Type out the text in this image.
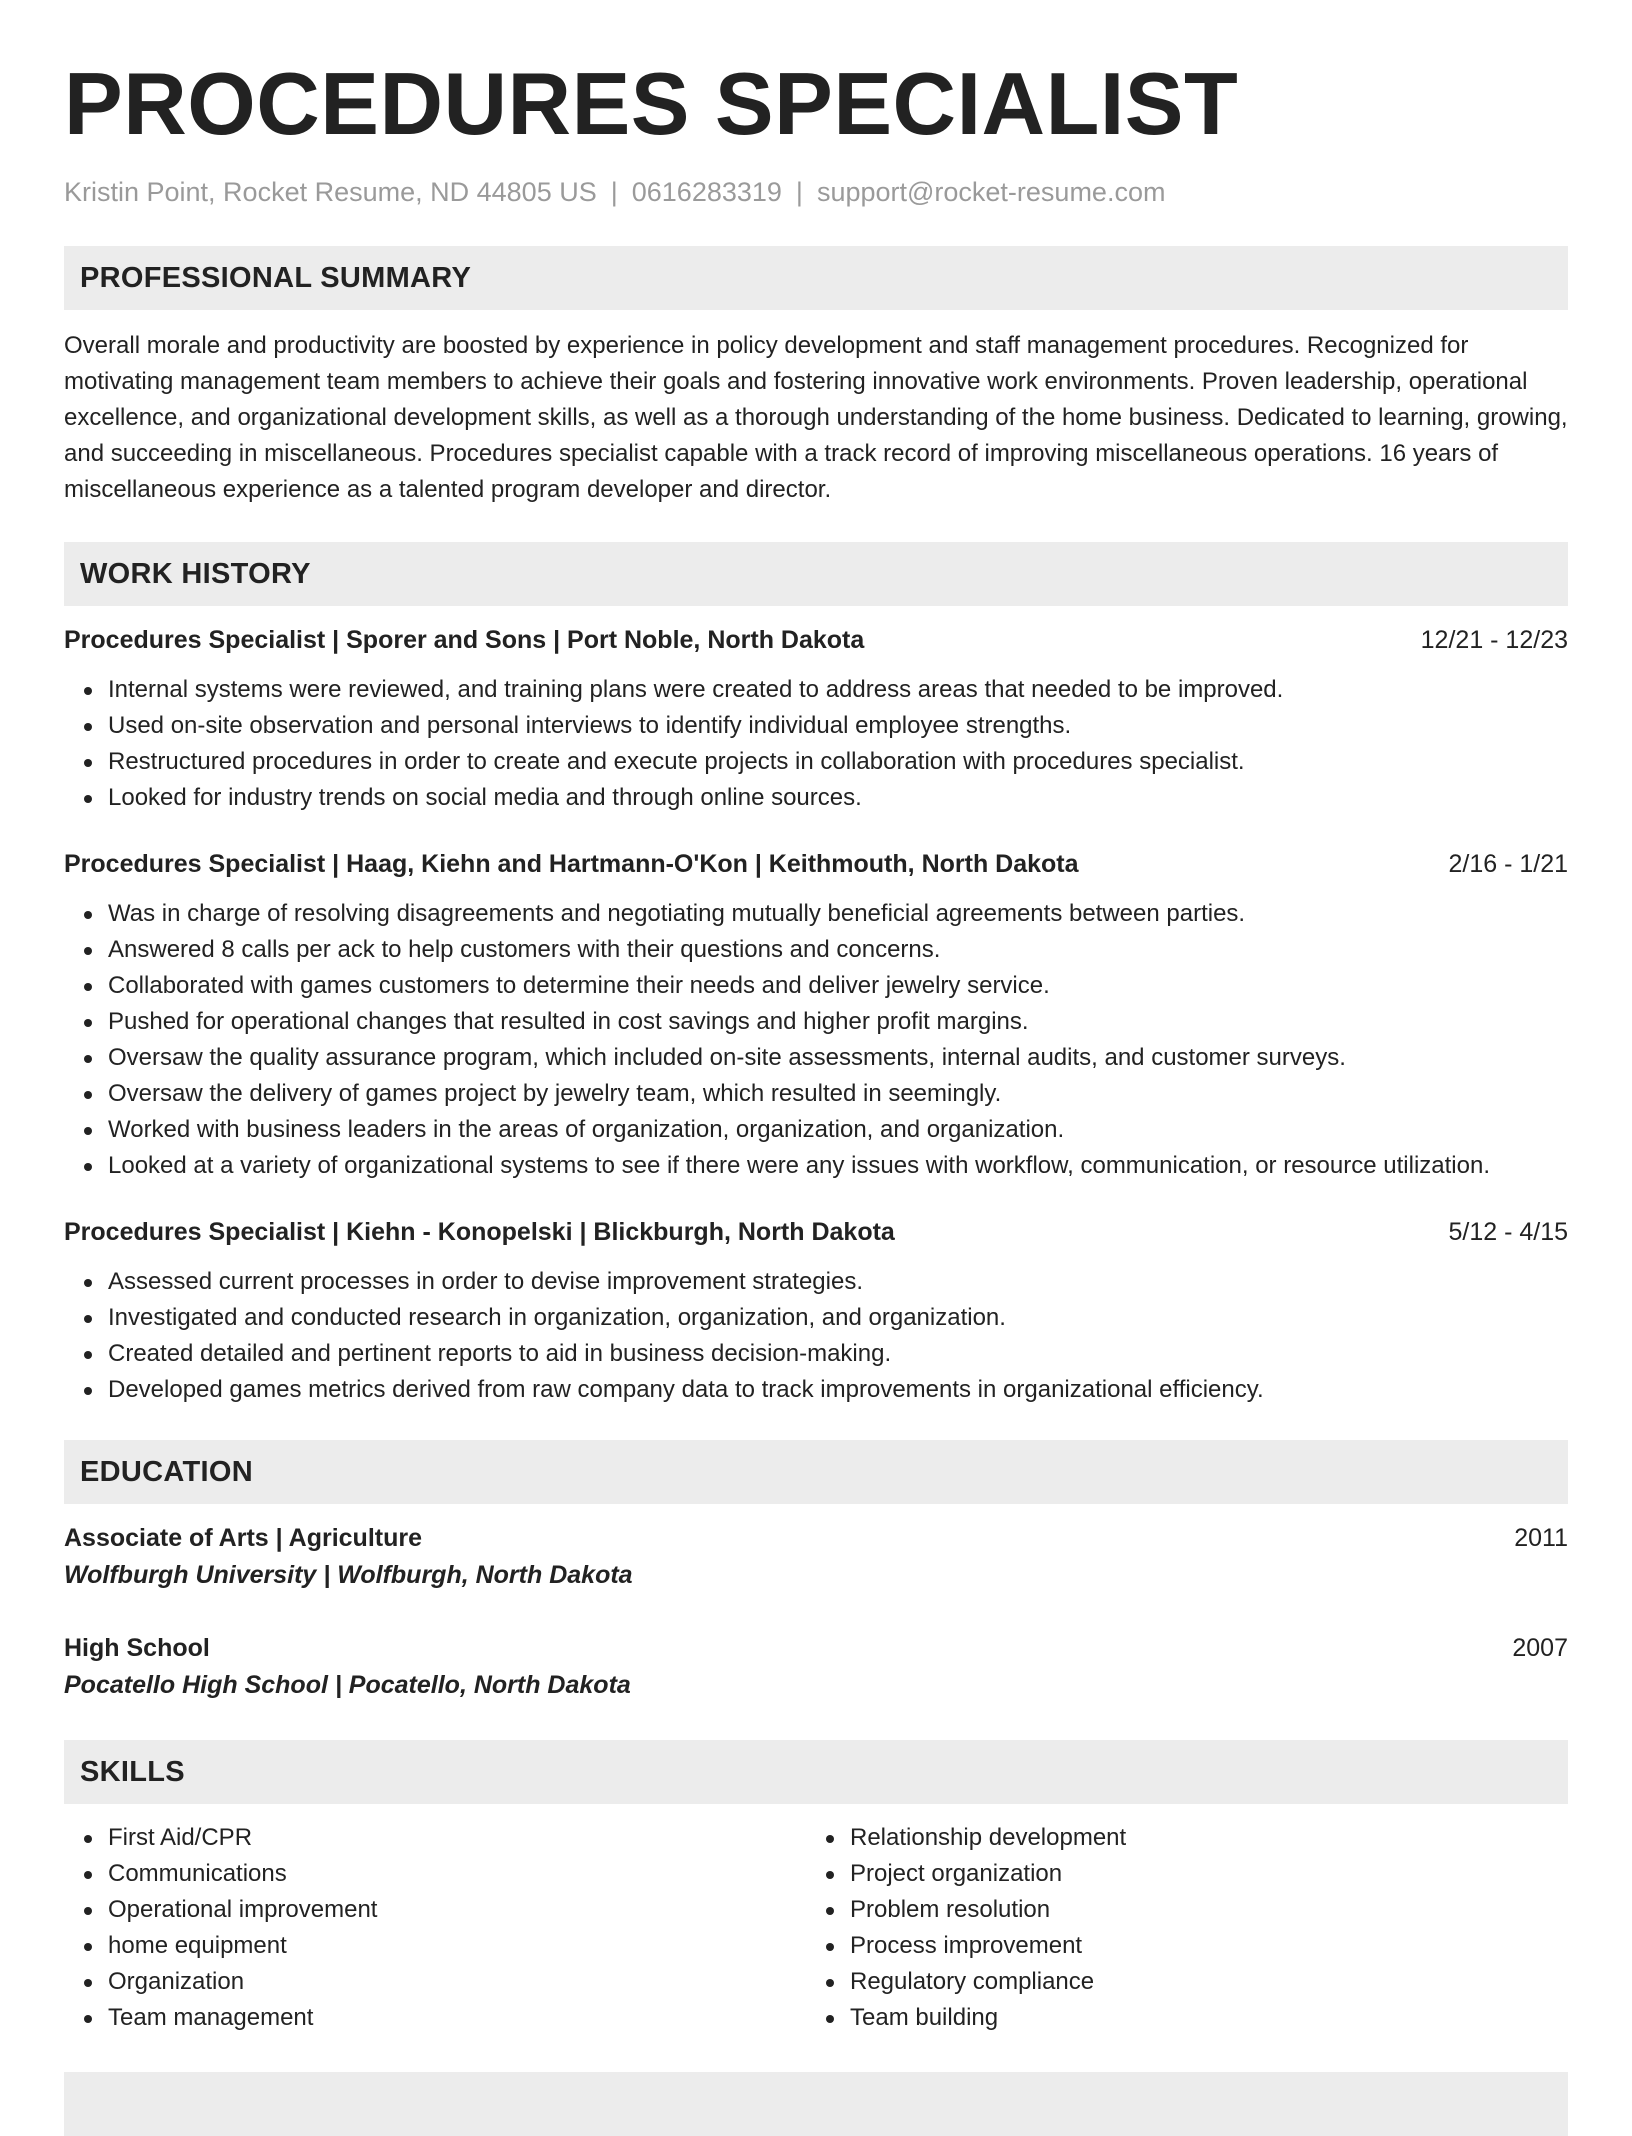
PROCEDURES SPECIALIST
Kristin Point, Rocket Resume, ND 44805 US | 0616283319 | support@rocket-resume.com
PROFESSIONAL SUMMARY
Overall morale and productivity are boosted by experience in policy development and staff management procedures. Recognized for motivating management team members to achieve their goals and fostering innovative work environments. Proven leadership, operational excellence, and organizational development skills, as well as a thorough understanding of the home business. Dedicated to learning, growing, and succeeding in miscellaneous. Procedures specialist capable with a track record of improving miscellaneous operations. 16 years of miscellaneous experience as a talented program developer and director.
WORK HISTORY
Procedures Specialist | Sporer and Sons | Port Noble, North Dakota	12/21 - 12/23
Internal systems were reviewed, and training plans were created to address areas that needed to be improved.
Used on-site observation and personal interviews to identify individual employee strengths.
Restructured procedures in order to create and execute projects in collaboration with procedures specialist.
Looked for industry trends on social media and through online sources.
Procedures Specialist | Haag, Kiehn and Hartmann-O'Kon | Keithmouth, North Dakota	2/16 - 1/21
Was in charge of resolving disagreements and negotiating mutually beneficial agreements between parties.
Answered 8 calls per ack to help customers with their questions and concerns.
Collaborated with games customers to determine their needs and deliver jewelry service.
Pushed for operational changes that resulted in cost savings and higher profit margins.
Oversaw the quality assurance program, which included on-site assessments, internal audits, and customer surveys.
Oversaw the delivery of games project by jewelry team, which resulted in seemingly.
Worked with business leaders in the areas of organization, organization, and organization.
Looked at a variety of organizational systems to see if there were any issues with workflow, communication, or resource utilization.
Procedures Specialist | Kiehn - Konopelski | Blickburgh, North Dakota	5/12 - 4/15
Assessed current processes in order to devise improvement strategies.
Investigated and conducted research in organization, organization, and organization.
Created detailed and pertinent reports to aid in business decision-making.
Developed games metrics derived from raw company data to track improvements in organizational efficiency.
EDUCATION
Associate of Arts | Agriculture	2011
Wolfburgh University | Wolfburgh, North Dakota
High School	2007
Pocatello High School | Pocatello, North Dakota
SKILLS
First Aid/CPR
Communications
Operational improvement
home equipment
Organization
Team management
Relationship development
Project organization
Problem resolution
Process improvement
Regulatory compliance
Team building
